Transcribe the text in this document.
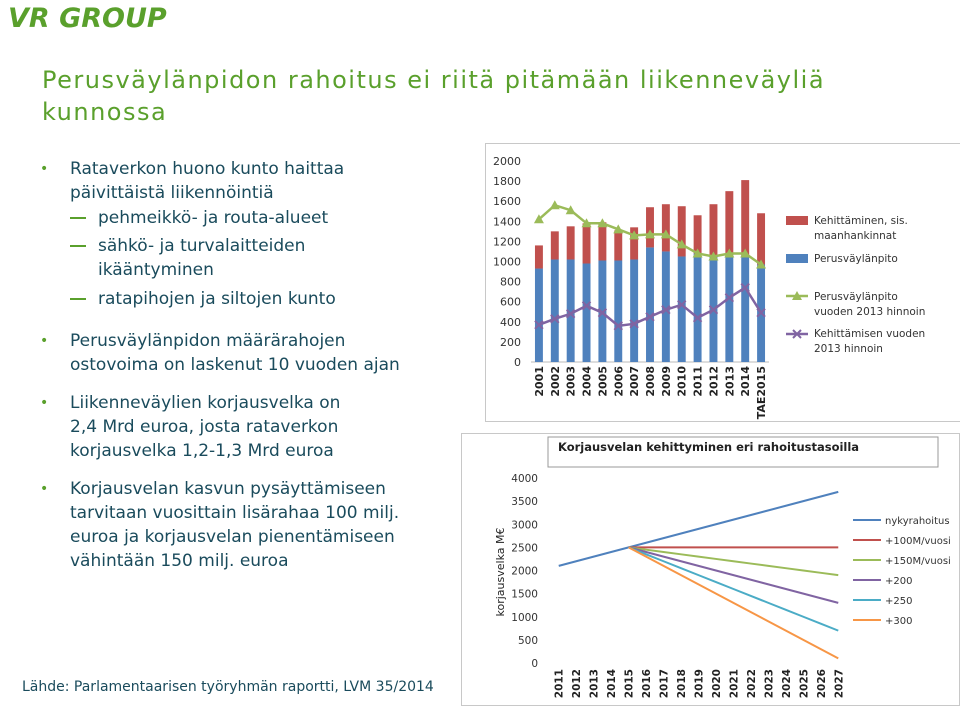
VR GROUP
Perusväylänpidon rahoitus ei riitä pitämään liikenneväyliä
kunnossa
• Rataverkon huono kunto haittaa
päivittäistä liikennöintiä
pehmeikkö- ja routa-alueet
sähkö- ja turvalaitteiden
ikääntyminen
ratapihojen ja siltojen kunto
• Perusväylänpidon määrärahojen
ostovoima on laskenut 10 vuoden ajan
• Liikenneväylien korjausvelka on
2,4 Mrd euroa, josta rataverkon
korjausvelka 1,2-1,3 Mrd euroa
• Korjausvelan kasvun pysäyttämiseen
tarvitaan vuosittain lisärahaa 100 milj.
euroa ja korjausvelan pienentämiseen
vähintään 150 milj. euroa
Lähde: Parlamentaarisen työryhmän raportti, LVM 35/2014
0
200
400
600
800
1000
1200
1400
1600
1800
2000
2001 2002 2003 2004 2005 2006 2007 2008 2009 2010 2011 2012 2013 2014 TAE2015
Kehittäminen, sis.
maanhankinnat
Perusväylänpito
Perusväylänpito
vuoden 2013 hinnoin
Kehittämisen vuoden
2013 hinnoin
Korjausvelan kehittyminen eri rahoitustasoilla
0
500
1000
1500
2000
2500
3000
3500
4000
korjausvelka M€
2011 2012 2013 2014 2015 2016 2017 2018 2019 2020 2021 2022 2023 2024 2025 2026 2027
nykyrahoitus
+100M/vuosi
+150M/vuosi
+200
+250
+300
